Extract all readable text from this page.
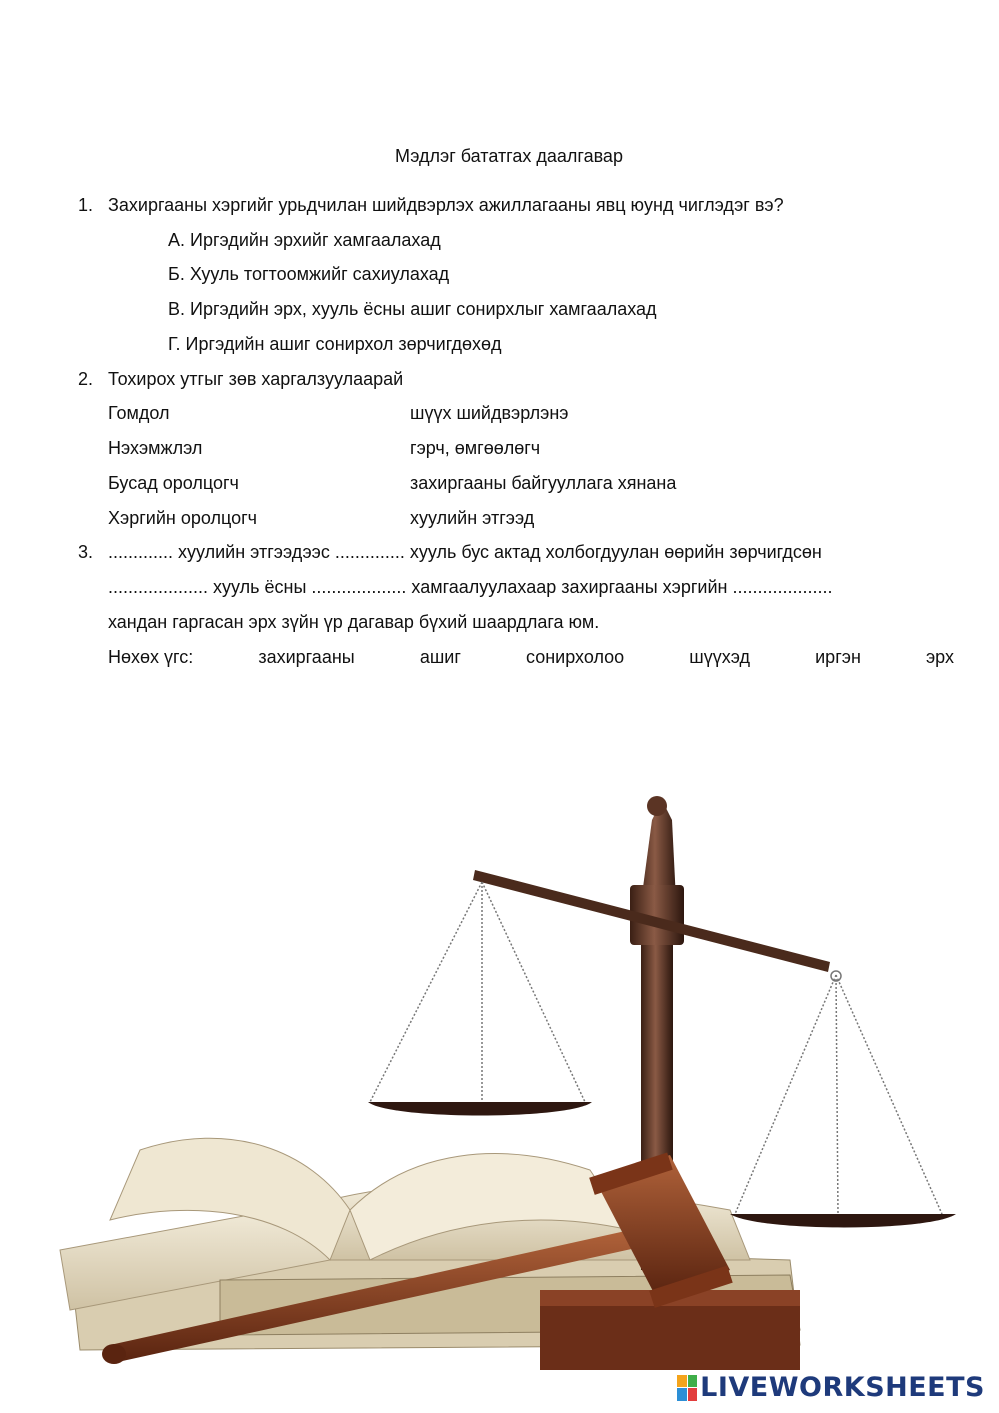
Мэдлэг бататгах даалгавар
1. Захиргааны хэргийг урьдчилан шийдвэрлэх ажиллагааны явц юунд чиглэдэг вэ?
А. Иргэдийн эрхийг хамгаалахад
Б. Хууль тогтоомжийг сахиулахад
В. Иргэдийн эрх, хууль ёсны ашиг сонирхлыг хамгаалахад
Г. Иргэдийн ашиг сонирхол зөрчигдөхөд
2. Тохирох утгыг зөв харгалзуулаарай
Гомдол	шүүх шийдвэрлэнэ
Нэхэмжлэл	гэрч, өмгөөлөгч
Бусад оролцогч	захиргааны байгууллага хянана
Хэргийн оролцогч	хуулийн этгээд
3. ............. хуулийн этгээдээс .............. хууль бус актад холбогдуулан өөрийн зөрчигдсөн
.................... хууль ёсны ................... хамгаалуулахаар захиргааны хэргийн ....................
хандан гаргасан эрх зүйн үр дагавар бүхий шаардлага юм.
Нөхөх үгс:	захиргааны	ашиг	сонирхолоо	шүүхэд	иргэн	эрх
LIVEWORKSHEETS
